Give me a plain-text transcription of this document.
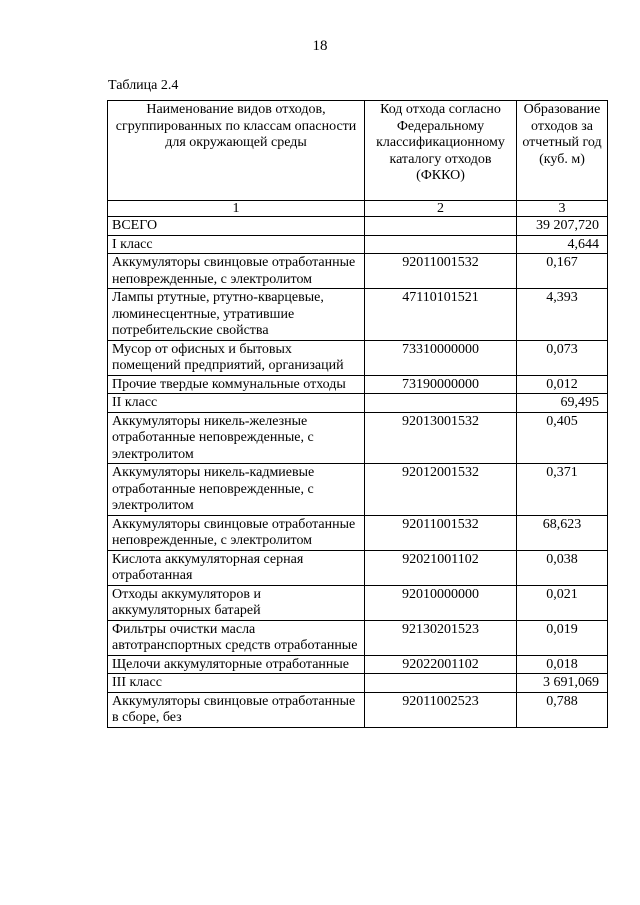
18
Таблица 2.4
Наименование видов отходов, сгруппированных по классам опасности для окружающей среды	Код отхода согласно Федеральному классификационному каталогу отходов (ФККО)	Образование отходов за отчетный год (куб. м)
1	2	3
ВСЕГО		39 207,720
I класс		4,644
Аккумуляторы свинцовые отработанные неповрежденные, с электролитом	92011001532	0,167
Лампы ртутные, ртутно-кварцевые, люминесцентные, утратившие потребительские свойства	47110101521	4,393
Мусор от офисных и бытовых помещений предприятий, организаций	73310000000	0,073
Прочие твердые коммунальные отходы	73190000000	0,012
II класс		69,495
Аккумуляторы никель-железные отработанные неповрежденные, с электролитом	92013001532	0,405
Аккумуляторы никель-кадмиевые отработанные неповрежденные, с электролитом	92012001532	0,371
Аккумуляторы свинцовые отработанные неповрежденные, с электролитом	92011001532	68,623
Кислота аккумуляторная серная отработанная	92021001102	0,038
Отходы аккумуляторов и аккумуляторных батарей	92010000000	0,021
Фильтры очистки масла автотранспортных средств отработанные	92130201523	0,019
Щелочи аккумуляторные отработанные	92022001102	0,018
III класс		3 691,069
Аккумуляторы свинцовые отработанные в сборе, без	92011002523	0,788
